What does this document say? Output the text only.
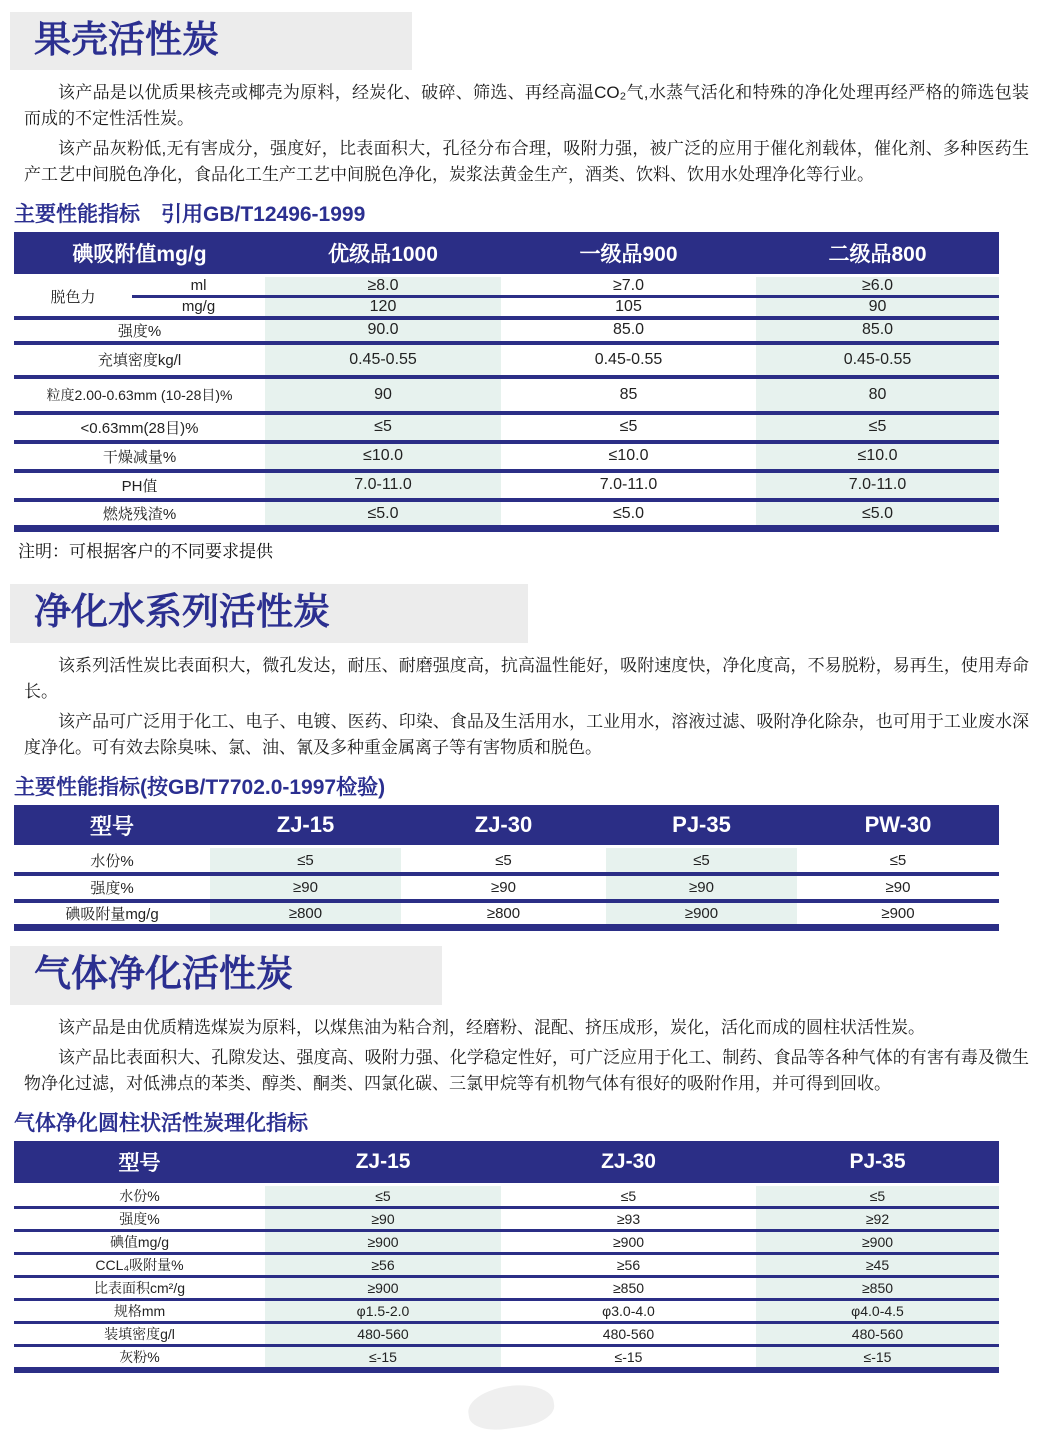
果壳活性炭

该产品是以优质果核壳或椰壳为原料，经炭化、破碎、筛选、再经高温CO₂气,水蒸气活化和特殊的净化处理再经严格的筛选包装而成的不定性活性炭。

该产品灰粉低,无有害成分，强度好，比表面积大，孔径分布合理，吸附力强，被广泛的应用于催化剂载体，催化剂、多种医药生产工艺中间脱色净化，食品化工生产工艺中间脱色净化，炭浆法黄金生产，酒类、饮料、饮用水处理净化等行业。

主要性能指标　引用GB/T12496-1999
碘吸附值mg/g		优级品1000	一级品900	二级品800
脱色力	ml	≥8.0	≥7.0	≥6.0
	mg/g	120	105	90
强度%		90.0	85.0	85.0
充填密度kg/l		0.45-0.55	0.45-0.55	0.45-0.55
粒度2.00-0.63mm (10-28目)%		90	85	80
<0.63mm(28目)%		≤5	≤5	≤5
干燥减量%		≤10.0	≤10.0	≤10.0
PH值		7.0-11.0	7.0-11.0	7.0-11.0
燃烧残渣%		≤5.0	≤5.0	≤5.0
注明：可根据客户的不同要求提供
净化水系列活性炭

该系列活性炭比表面积大，微孔发达，耐压、耐磨强度高，抗高温性能好，吸附速度快，净化度高，不易脱粉，易再生，使用寿命长。

该产品可广泛用于化工、电子、电镀、医药、印染、食品及生活用水，工业用水，溶液过滤、吸附净化除杂，也可用于工业废水深度净化。可有效去除臭味、氯、油、氰及多种重金属离子等有害物质和脱色。

主要性能指标(按GB/T7702.0-1997检验)
型号	ZJ-15	ZJ-30	PJ-35	PW-30
水份%	≤5	≤5	≤5	≤5
强度%	≥90	≥90	≥90	≥90
碘吸附量mg/g	≥800	≥800	≥900	≥900
气体净化活性炭

该产品是由优质精选煤炭为原料，以煤焦油为粘合剂，经磨粉、混配、挤压成形，炭化，活化而成的圆柱状活性炭。

该产品比表面积大、孔隙发达、强度高、吸附力强、化学稳定性好，可广泛应用于化工、制药、食品等各种气体的有害有毒及微生物净化过滤，对低沸点的苯类、醇类、酮类、四氯化碳、三氯甲烷等有机物气体有很好的吸附作用，并可得到回收。

气体净化圆柱状活性炭理化指标
型号	ZJ-15	ZJ-30	PJ-35
水份%	≤5	≤5	≤5
强度%	≥90	≥93	≥92
碘值mg/g	≥900	≥900	≥900
CCL₄吸附量%	≥56	≥56	≥45
比表面积cm²/g	≥900	≥850	≥850
规格mm	φ1.5-2.0	φ3.0-4.0	φ4.0-4.5
装填密度g/l	480-560	480-560	480-560
灰粉%	≤-15	≤-15	≤-15
